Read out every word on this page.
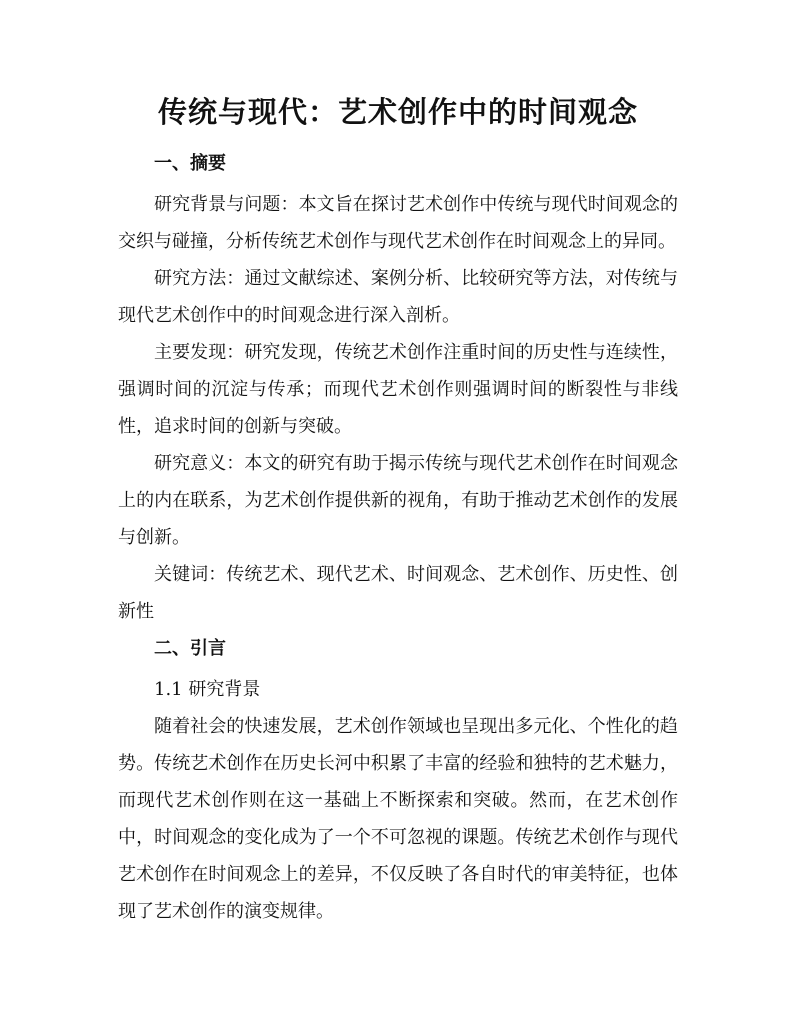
传统与现代：艺术创作中的时间观念
一、摘要

研究背景与问题：本文旨在探讨艺术创作中传统与现代时间观念的交织与碰撞，分析传统艺术创作与现代艺术创作在时间观念上的异同。

研究方法：通过文献综述、案例分析、比较研究等方法，对传统与现代艺术创作中的时间观念进行深入剖析。

主要发现：研究发现，传统艺术创作注重时间的历史性与连续性，强调时间的沉淀与传承；而现代艺术创作则强调时间的断裂性与非线性，追求时间的创新与突破。

研究意义：本文的研究有助于揭示传统与现代艺术创作在时间观念上的内在联系，为艺术创作提供新的视角，有助于推动艺术创作的发展与创新。

关键词：传统艺术、现代艺术、时间观念、艺术创作、历史性、创新性

二、引言
1.1 研究背景

随着社会的快速发展，艺术创作领域也呈现出多元化、个性化的趋势。传统艺术创作在历史长河中积累了丰富的经验和独特的艺术魅力，而现代艺术创作则在这一基础上不断探索和突破。然而，在艺术创作中，时间观念的变化成为了一个不可忽视的课题。传统艺术创作与现代艺术创作在时间观念上的差异，不仅反映了各自时代的审美特征，也体现了艺术创作的演变规律。
